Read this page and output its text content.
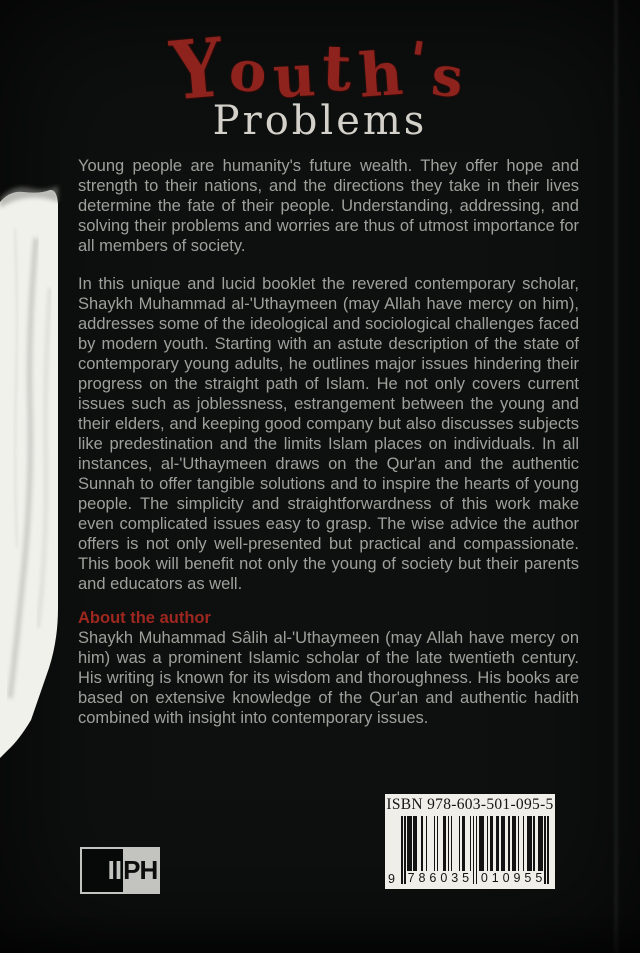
Youth's
Problems
Young people are humanity's future wealth. They offer hope and
strength to their nations, and the directions they take in their lives
determine the fate of their people. Understanding, addressing, and
solving their problems and worries are thus of utmost importance for
all members of society.
In this unique and lucid booklet the revered contemporary scholar,
Shaykh Muhammad al-'Uthaymeen (may Allah have mercy on him),
addresses some of the ideological and sociological challenges faced
by modern youth. Starting with an astute description of the state of
contemporary young adults, he outlines major issues hindering their
progress on the straight path of Islam. He not only covers current
issues such as joblessness, estrangement between the young and
their elders, and keeping good company but also discusses subjects
like predestination and the limits Islam places on individuals. In all
instances, al-'Uthaymeen draws on the Qur'an and the authentic
Sunnah to offer tangible solutions and to inspire the hearts of young
people. The simplicity and straightforwardness of this work make
even complicated issues easy to grasp. The wise advice the author
offers is not only well-presented but practical and compassionate.
This book will benefit not only the young of society but their parents
and educators as well.
About the author
Shaykh Muhammad Sâlih al-'Uthaymeen (may Allah have mercy on
him) was a prominent Islamic scholar of the late twentieth century.
His writing is known for its wisdom and thoroughness. His books are
based on extensive knowledge of the Qur'an and authentic hadith
combined with insight into contemporary issues.
II PH
ISBN 978-603-501-095-5
7 8 6 0 3 5 0 1 0 9 5 5
9
